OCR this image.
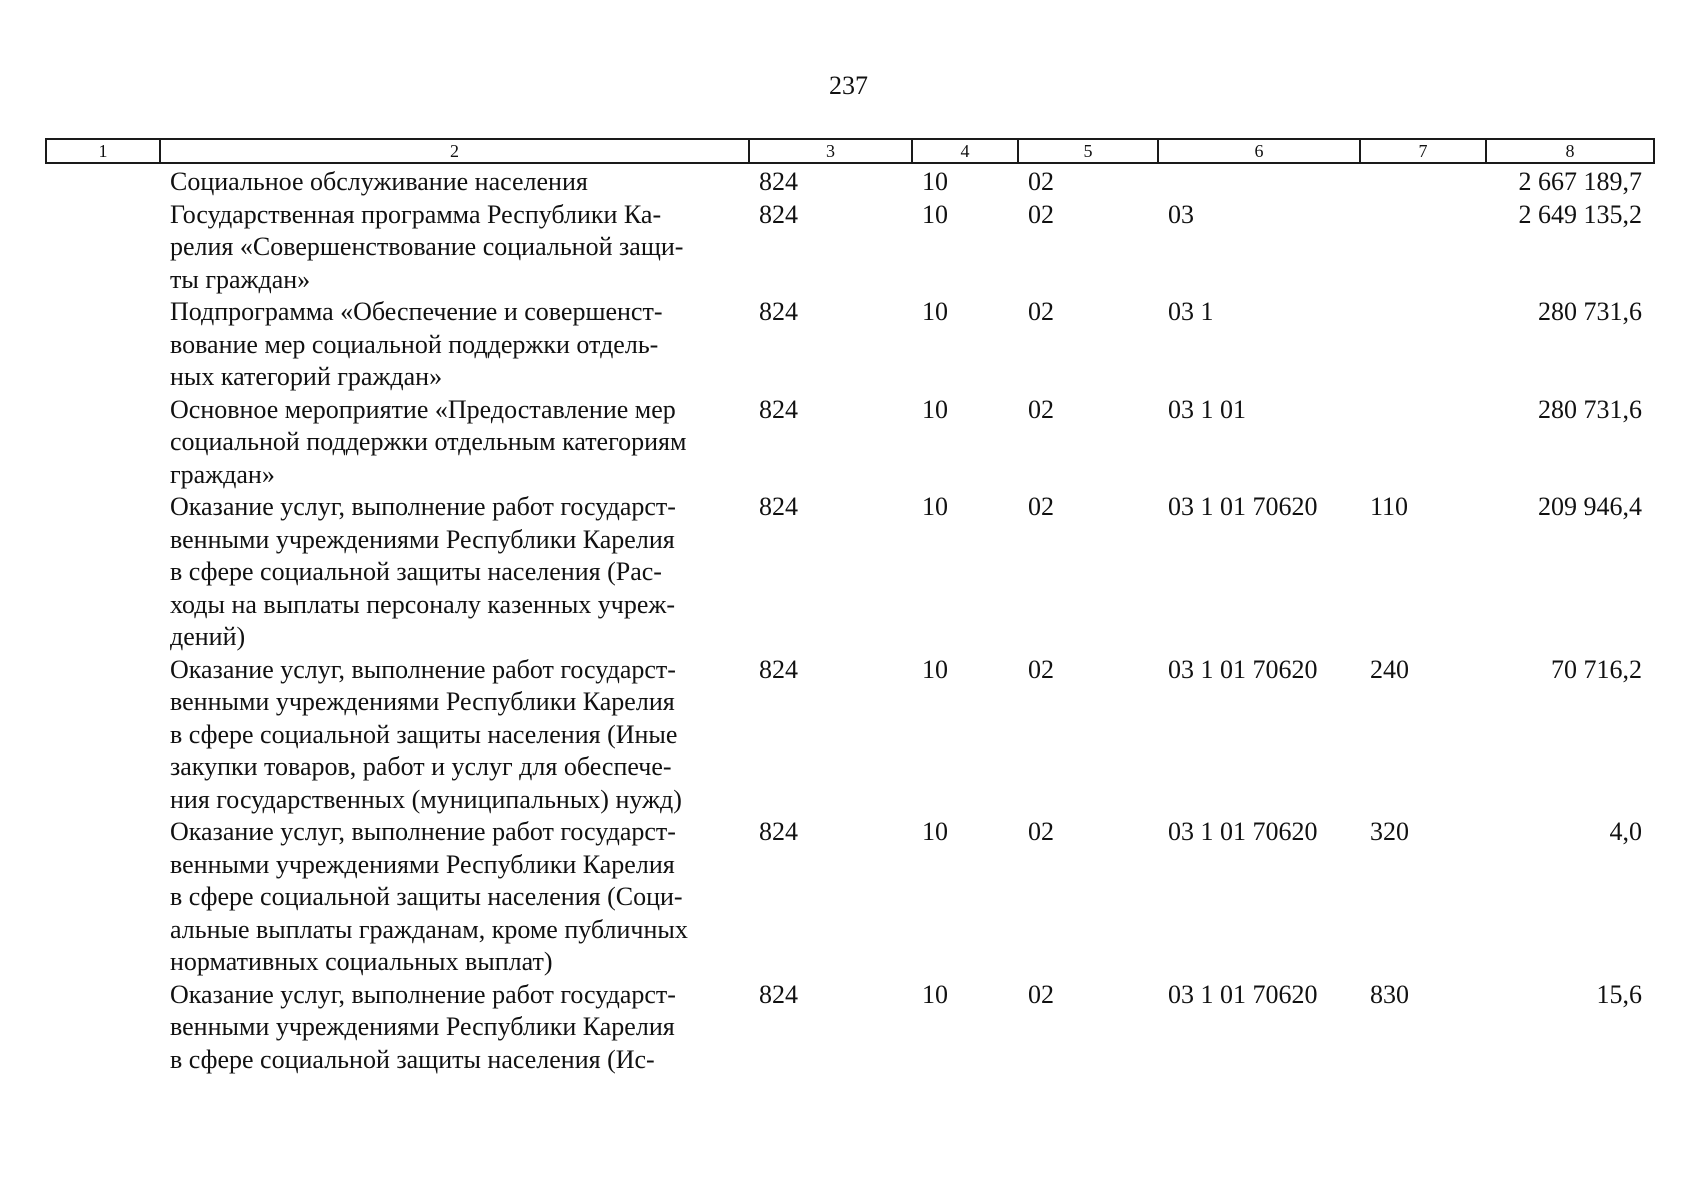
237
1	2	3	4	5	6	7	8
	Социальное обслуживание населения	824	10	02			2 667 189,7
	Государственная программа Республики Ка-
релия «Совершенствование социальной защи-
ты граждан»	824	10	02	03		2 649 135,2
	Подпрограмма «Обеспечение и совершенст-
вование мер социальной поддержки отдель-
ных категорий граждан»	824	10	02	03 1		280 731,6
	Основное мероприятие «Предоставление мер
социальной поддержки отдельным категориям
граждан»	824	10	02	03 1 01		280 731,6
	Оказание услуг, выполнение работ государст-
венными учреждениями Республики Карелия
в сфере социальной защиты населения (Рас-
ходы на выплаты персоналу казенных учреж-
дений)	824	10	02	03 1 01 70620	110	209 946,4
	Оказание услуг, выполнение работ государст-
венными учреждениями Республики Карелия
в сфере социальной защиты населения (Иные
закупки товаров, работ и услуг для обеспече-
ния государственных (муниципальных) нужд)	824	10	02	03 1 01 70620	240	70 716,2
	Оказание услуг, выполнение работ государст-
венными учреждениями Республики Карелия
в сфере социальной защиты населения (Соци-
альные выплаты гражданам, кроме публичных
нормативных социальных выплат)	824	10	02	03 1 01 70620	320	4,0
	Оказание услуг, выполнение работ государст-
венными учреждениями Республики Карелия
в сфере социальной защиты населения (Ис-	824	10	02	03 1 01 70620	830	15,6
